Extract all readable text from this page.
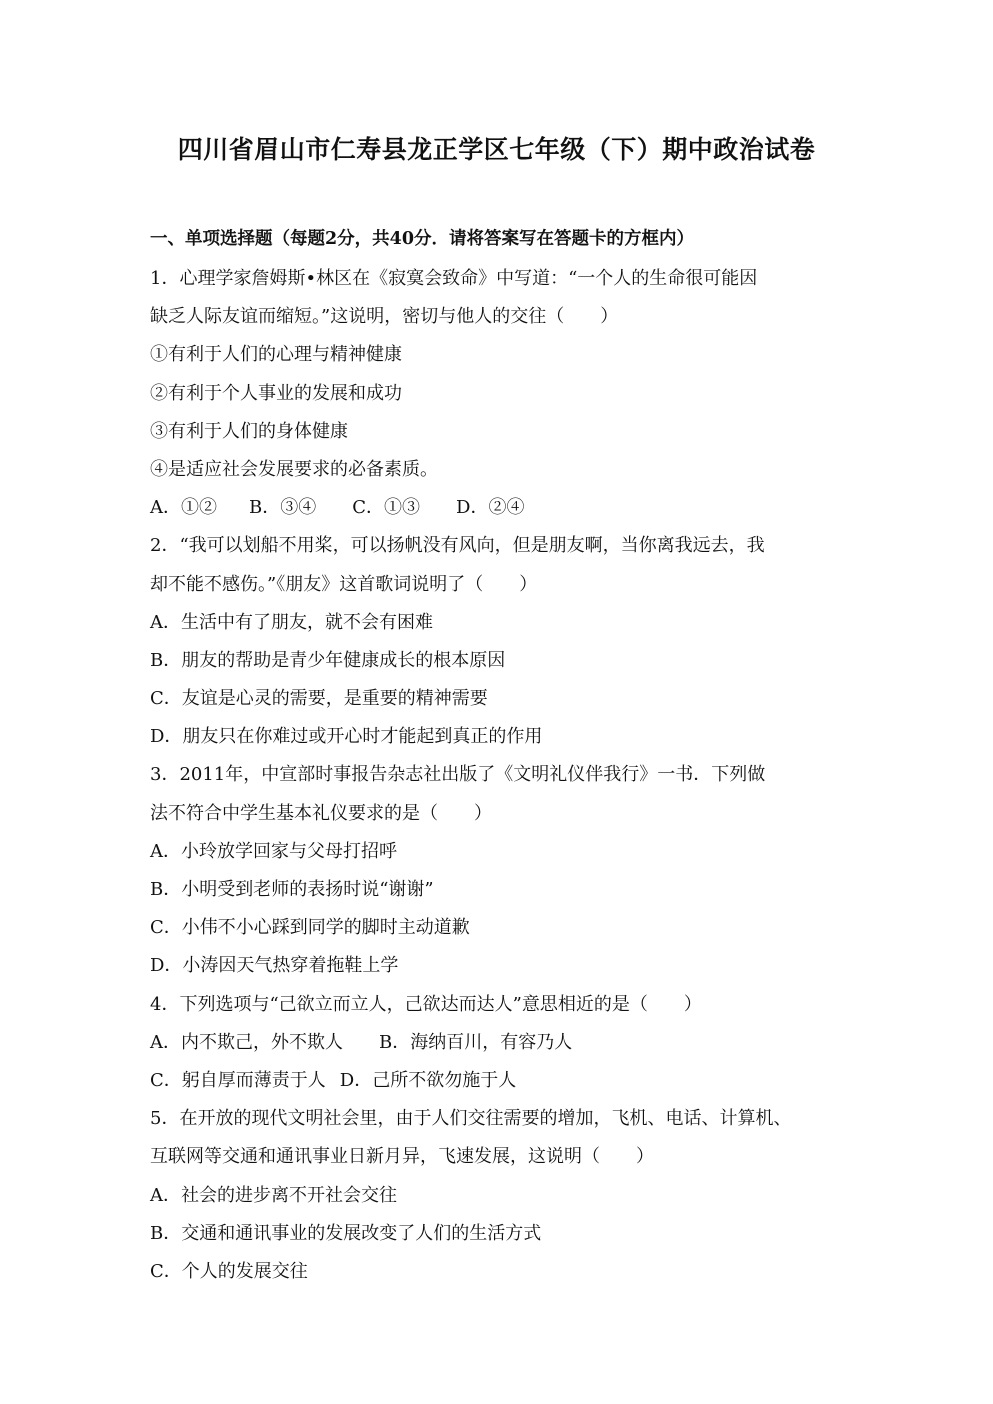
四川省眉山市仁寿县龙正学区七年级（下）期中政治试卷

一、单项选择题（每题2分，共40分．请将答案写在答题卡的方框内）

1．心理学家詹姆斯•林区在《寂寞会致命》中写道：“一个人的生命很可能因

缺乏人际友谊而缩短。”这说明，密切与他人的交往（　　）

①有利于人们的心理与精神健康

②有利于个人事业的发展和成功

③有利于人们的身体健康

④是适应社会发展要求的必备素质。

A．①② B．③④ C．①③ D．②④

2．“我可以划船不用桨，可以扬帆没有风向，但是朋友啊，当你离我远去，我

却不能不感伤。”《朋友》这首歌词说明了（　　）

A．生活中有了朋友，就不会有困难

B．朋友的帮助是青少年健康成长的根本原因

C．友谊是心灵的需要，是重要的精神需要

D．朋友只在你难过或开心时才能起到真正的作用

3．2011年，中宣部时事报告杂志社出版了《文明礼仪伴我行》一书．下列做

法不符合中学生基本礼仪要求的是（　　）

A．小玲放学回家与父母打招呼

B．小明受到老师的表扬时说“谢谢”

C．小伟不小心踩到同学的脚时主动道歉

D．小涛因天气热穿着拖鞋上学

4．下列选项与“己欲立而立人，己欲达而达人”意思相近的是（　　）

A．内不欺己，外不欺人 B．海纳百川，有容乃人

C．躬自厚而薄责于人 D．己所不欲勿施于人

5．在开放的现代文明社会里，由于人们交往需要的增加，飞机、电话、计算机、

互联网等交通和通讯事业日新月异，飞速发展，这说明（　　）

A．社会的进步离不开社会交往

B．交通和通讯事业的发展改变了人们的生活方式

C．个人的发展交往
